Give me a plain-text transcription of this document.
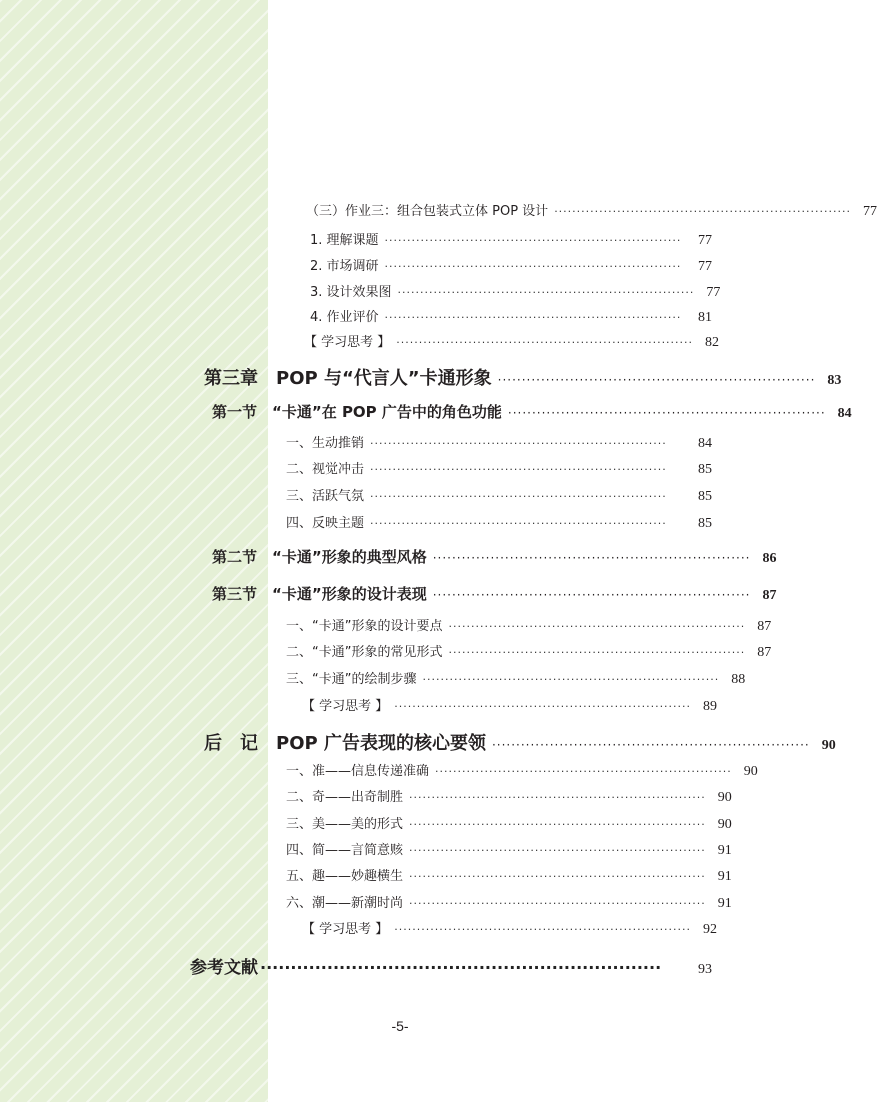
（三）作业三：组合包装式立体 POP 设计 ·································································· 77
1. 理解课题 ··································································	77
2. 市场调研 ··································································	77
3. 设计效果图 ·································································· 77
4. 作业评价 ··································································	81
【 学习思考 】 ·································································· 82
第三章　POP 与“代言人”卡通形象 ·································································· 83
第一节　“卡通”在 POP 广告中的角色功能 ·································································· 84
一、生动推销 ··································································	84
二、视觉冲击 ··································································	85
三、活跃气氛 ··································································	85
四、反映主题 ··································································	85
第二节　“卡通”形象的典型风格 ·································································· 86
第三节　“卡通”形象的设计表现 ·································································· 87
一、“卡通”形象的设计要点 ·································································· 87
二、“卡通”形象的常见形式 ·································································· 87
三、“卡通”的绘制步骤 ·································································· 88
【 学习思考 】 ·································································· 89
后　记　POP 广告表现的核心要领 ·································································· 90
一、准——信息传递准确 ·································································· 90
二、奇——出奇制胜 ·································································· 90
三、美——美的形式 ·································································· 90
四、简——言简意赅 ·································································· 91
五、趣——妙趣横生 ·································································· 91
六、潮——新潮时尚 ·································································· 91
【 学习思考 】 ·································································· 92
参考文献 ··································································	93
-5-
